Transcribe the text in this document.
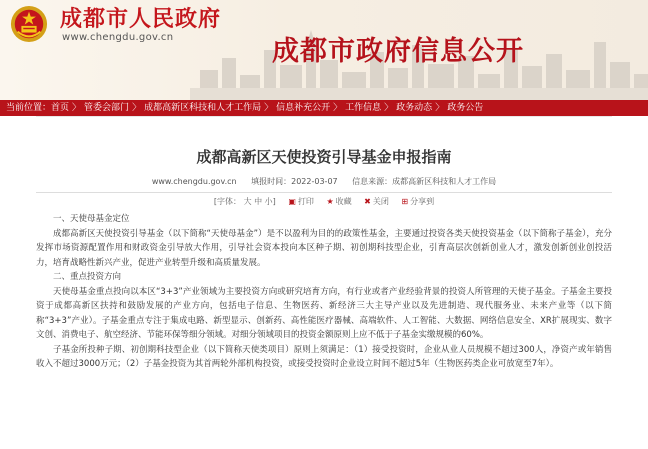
成都市人民政府
www.chengdu.gov.cn	成都市政府信息公开
当前位置：首页 〉 管委会部门 〉 成都高新区科技和人才工作局 〉 信息补充公开 〉 工作信息 〉 政务动态 〉 政务公告
成都高新区天使投资引导基金申报指南
www.chengdu.gov.cn 填报时间：2022-03-07 信息来源：成都高新区科技和人才工作局
[字体： 大 中 小] ▣ 打印 ★ 收藏 ✖ 关闭 ⊞ 分享到

一、天使母基金定位

成都高新区天使投资引导基金（以下简称“天使母基金”）是不以盈利为目的的政策性基金，主要通过投资各类天使投资基金（以下简称子基金），充分发挥市场资源配置作用和财政资金引导放大作用，引导社会资本投向本区种子期、初创期科技型企业，引育高层次创新创业人才，激发创新创业创投活力，培育战略性新兴产业，促进产业转型升级和高质量发展。

二、重点投资方向

天使母基金重点投向以本区“3+3”产业领域为主要投资方向或研究培育方向，有行业或者产业经验背景的投资人所管理的天使子基金。子基金主要投资于成都高新区扶持和鼓励发展的产业方向，包括电子信息、生物医药、新经济三大主导产业以及先进制造、现代服务业、未来产业等（以下简称“3+3”产业）。子基金重点专注于集成电路、新型显示、创新药、高性能医疗器械、高端软件、人工智能、大数据、网络信息安全、XR扩展现实、数字文创、消费电子、航空经济、节能环保等细分领域。对细分领域项目的投资金额原则上应不低于子基金实缴规模的60%。

子基金所投种子期、初创期科技型企业（以下简称天使类项目）原则上须满足：（1）接受投资时，企业从业人员规模不超过300人，净资产或年销售收入不超过3000万元；（2）子基金投资为其首两轮外部机构投资，或接受投资时企业设立时间不超过5年（生物医药类企业可放宽至7年）。
